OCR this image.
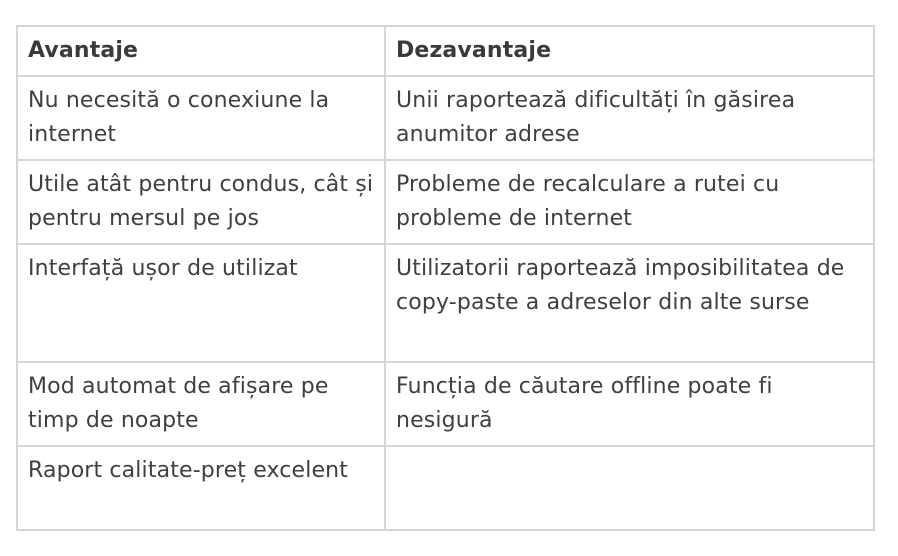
Avantaje	Dezavantaje
Nu necesită o conexiune la internet	Unii raportează dificultăți în găsirea anumitor adrese
Utile atât pentru condus, cât și pentru mersul pe jos	Probleme de recalculare a rutei cu probleme de internet
Interfață ușor de utilizat	Utilizatorii raportează imposibilitatea de copy-paste a adreselor din alte surse
Mod automat de afișare pe timp de noapte	Funcția de căutare offline poate fi nesigură
Raport calitate-preț excelent	
